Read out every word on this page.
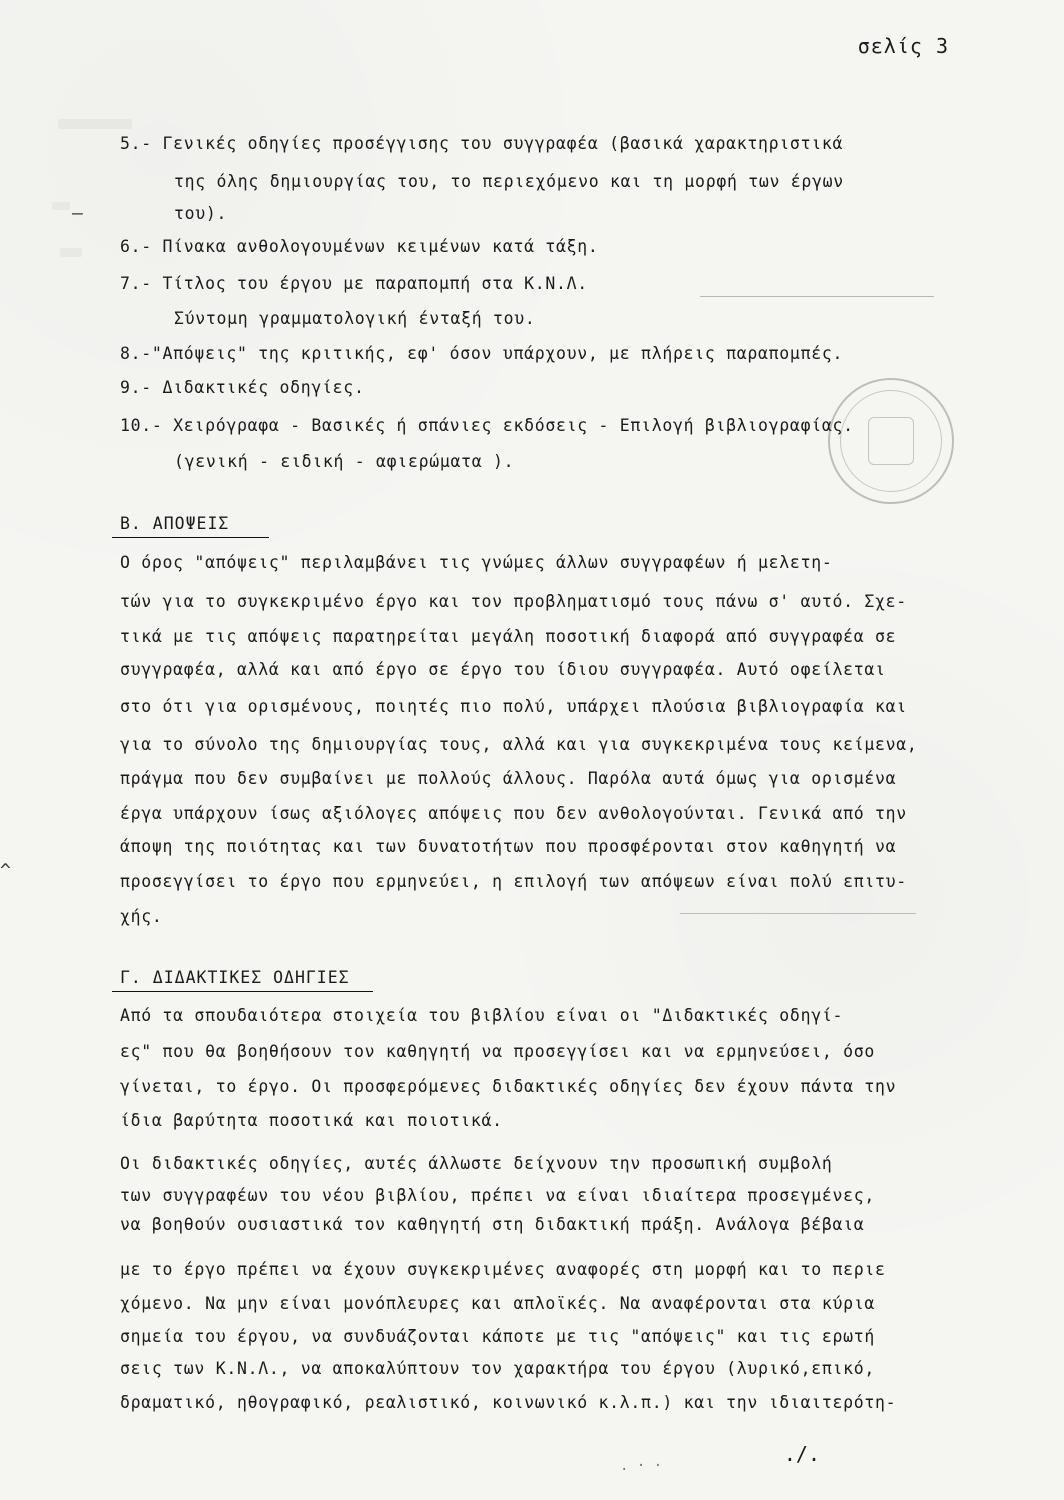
σελίς 3
5.- Γενικές οδηγίες προσέγγισης του συγγραφέα (βασικά χαρακτηριστικά
της όλης δημιουργίας του, το περιεχόμενο και τη μορφή των έργων
του).
6.- Πίνακα ανθολογουμένων κειμένων κατά τάξη.
7.- Τίτλος του έργου με παραπομπή στα Κ.Ν.Λ.
Σύντομη γραμματολογική ένταξή του.
8.-"Απόψεις" της κριτικής, εφ' όσον υπάρχουν, με πλήρεις παραπομπές.
9.- Διδακτικές οδηγίες.
10.- Χειρόγραφα - Βασικές ή σπάνιες εκδόσεις - Επιλογή βιβλιογραφίας.
(γενική - ειδική - αφιερώματα ).
Β. ΑΠΟΨΕΙΣ
Ο όρος "απόψεις" περιλαμβάνει τις γνώμες άλλων συγγραφέων ή μελετη-
τών για το συγκεκριμένο έργο και τον προβληματισμό τους πάνω σ' αυτό. Σχε-
τικά με τις απόψεις παρατηρείται μεγάλη ποσοτική διαφορά από συγγραφέα σε
συγγραφέα, αλλά και από έργο σε έργο του ίδιου συγγραφέα. Αυτό οφείλεται
στο ότι για ορισμένους, ποιητές πιο πολύ, υπάρχει πλούσια βιβλιογραφία και
για το σύνολο της δημιουργίας τους, αλλά και για συγκεκριμένα τους κείμενα,
πράγμα που δεν συμβαίνει με πολλούς άλλους. Παρόλα αυτά όμως για ορισμένα
έργα υπάρχουν ίσως αξιόλογες απόψεις που δεν ανθολογούνται. Γενικά από την
άποψη της ποιότητας και των δυνατοτήτων που προσφέρονται στον καθηγητή να
προσεγγίσει το έργο που ερμηνεύει, η επιλογή των απόψεων είναι πολύ επιτυ-
χής.
Γ. ΔΙΔΑΚΤΙΚΕΣ ΟΔΗΓΙΕΣ
Από τα σπουδαιότερα στοιχεία του βιβλίου είναι οι "Διδακτικές οδηγί-
ες" που θα βοηθήσουν τον καθηγητή να προσεγγίσει και να ερμηνεύσει, όσο
γίνεται, το έργο. Οι προσφερόμενες διδακτικές οδηγίες δεν έχουν πάντα την
ίδια βαρύτητα ποσοτικά και ποιοτικά.
Οι διδακτικές οδηγίες, αυτές άλλωστε δείχνουν την προσωπική συμβολή
των συγγραφέων του νέου βιβλίου, πρέπει να είναι ιδιαίτερα προσεγμένες,
να βοηθούν ουσιαστικά τον καθηγητή στη διδακτική πράξη. Ανάλογα βέβαια
με το έργο πρέπει να έχουν συγκεκριμένες αναφορές στη μορφή και το περιε
χόμενο. Να μην είναι μονόπλευρες και απλοϊκές. Να αναφέρονται στα κύρια
σημεία του έργου, να συνδυάζονται κάποτε με τις "απόψεις" και τις ερωτή
σεις των Κ.Ν.Λ., να αποκαλύπτουν τον χαρακτήρα του έργου (λυρικό,επικό,
δραματικό, ηθογραφικό, ρεαλιστικό, κοινωνικό κ.λ.π.) και την ιδιαιτερότη-
./.
—
^
. · ·
